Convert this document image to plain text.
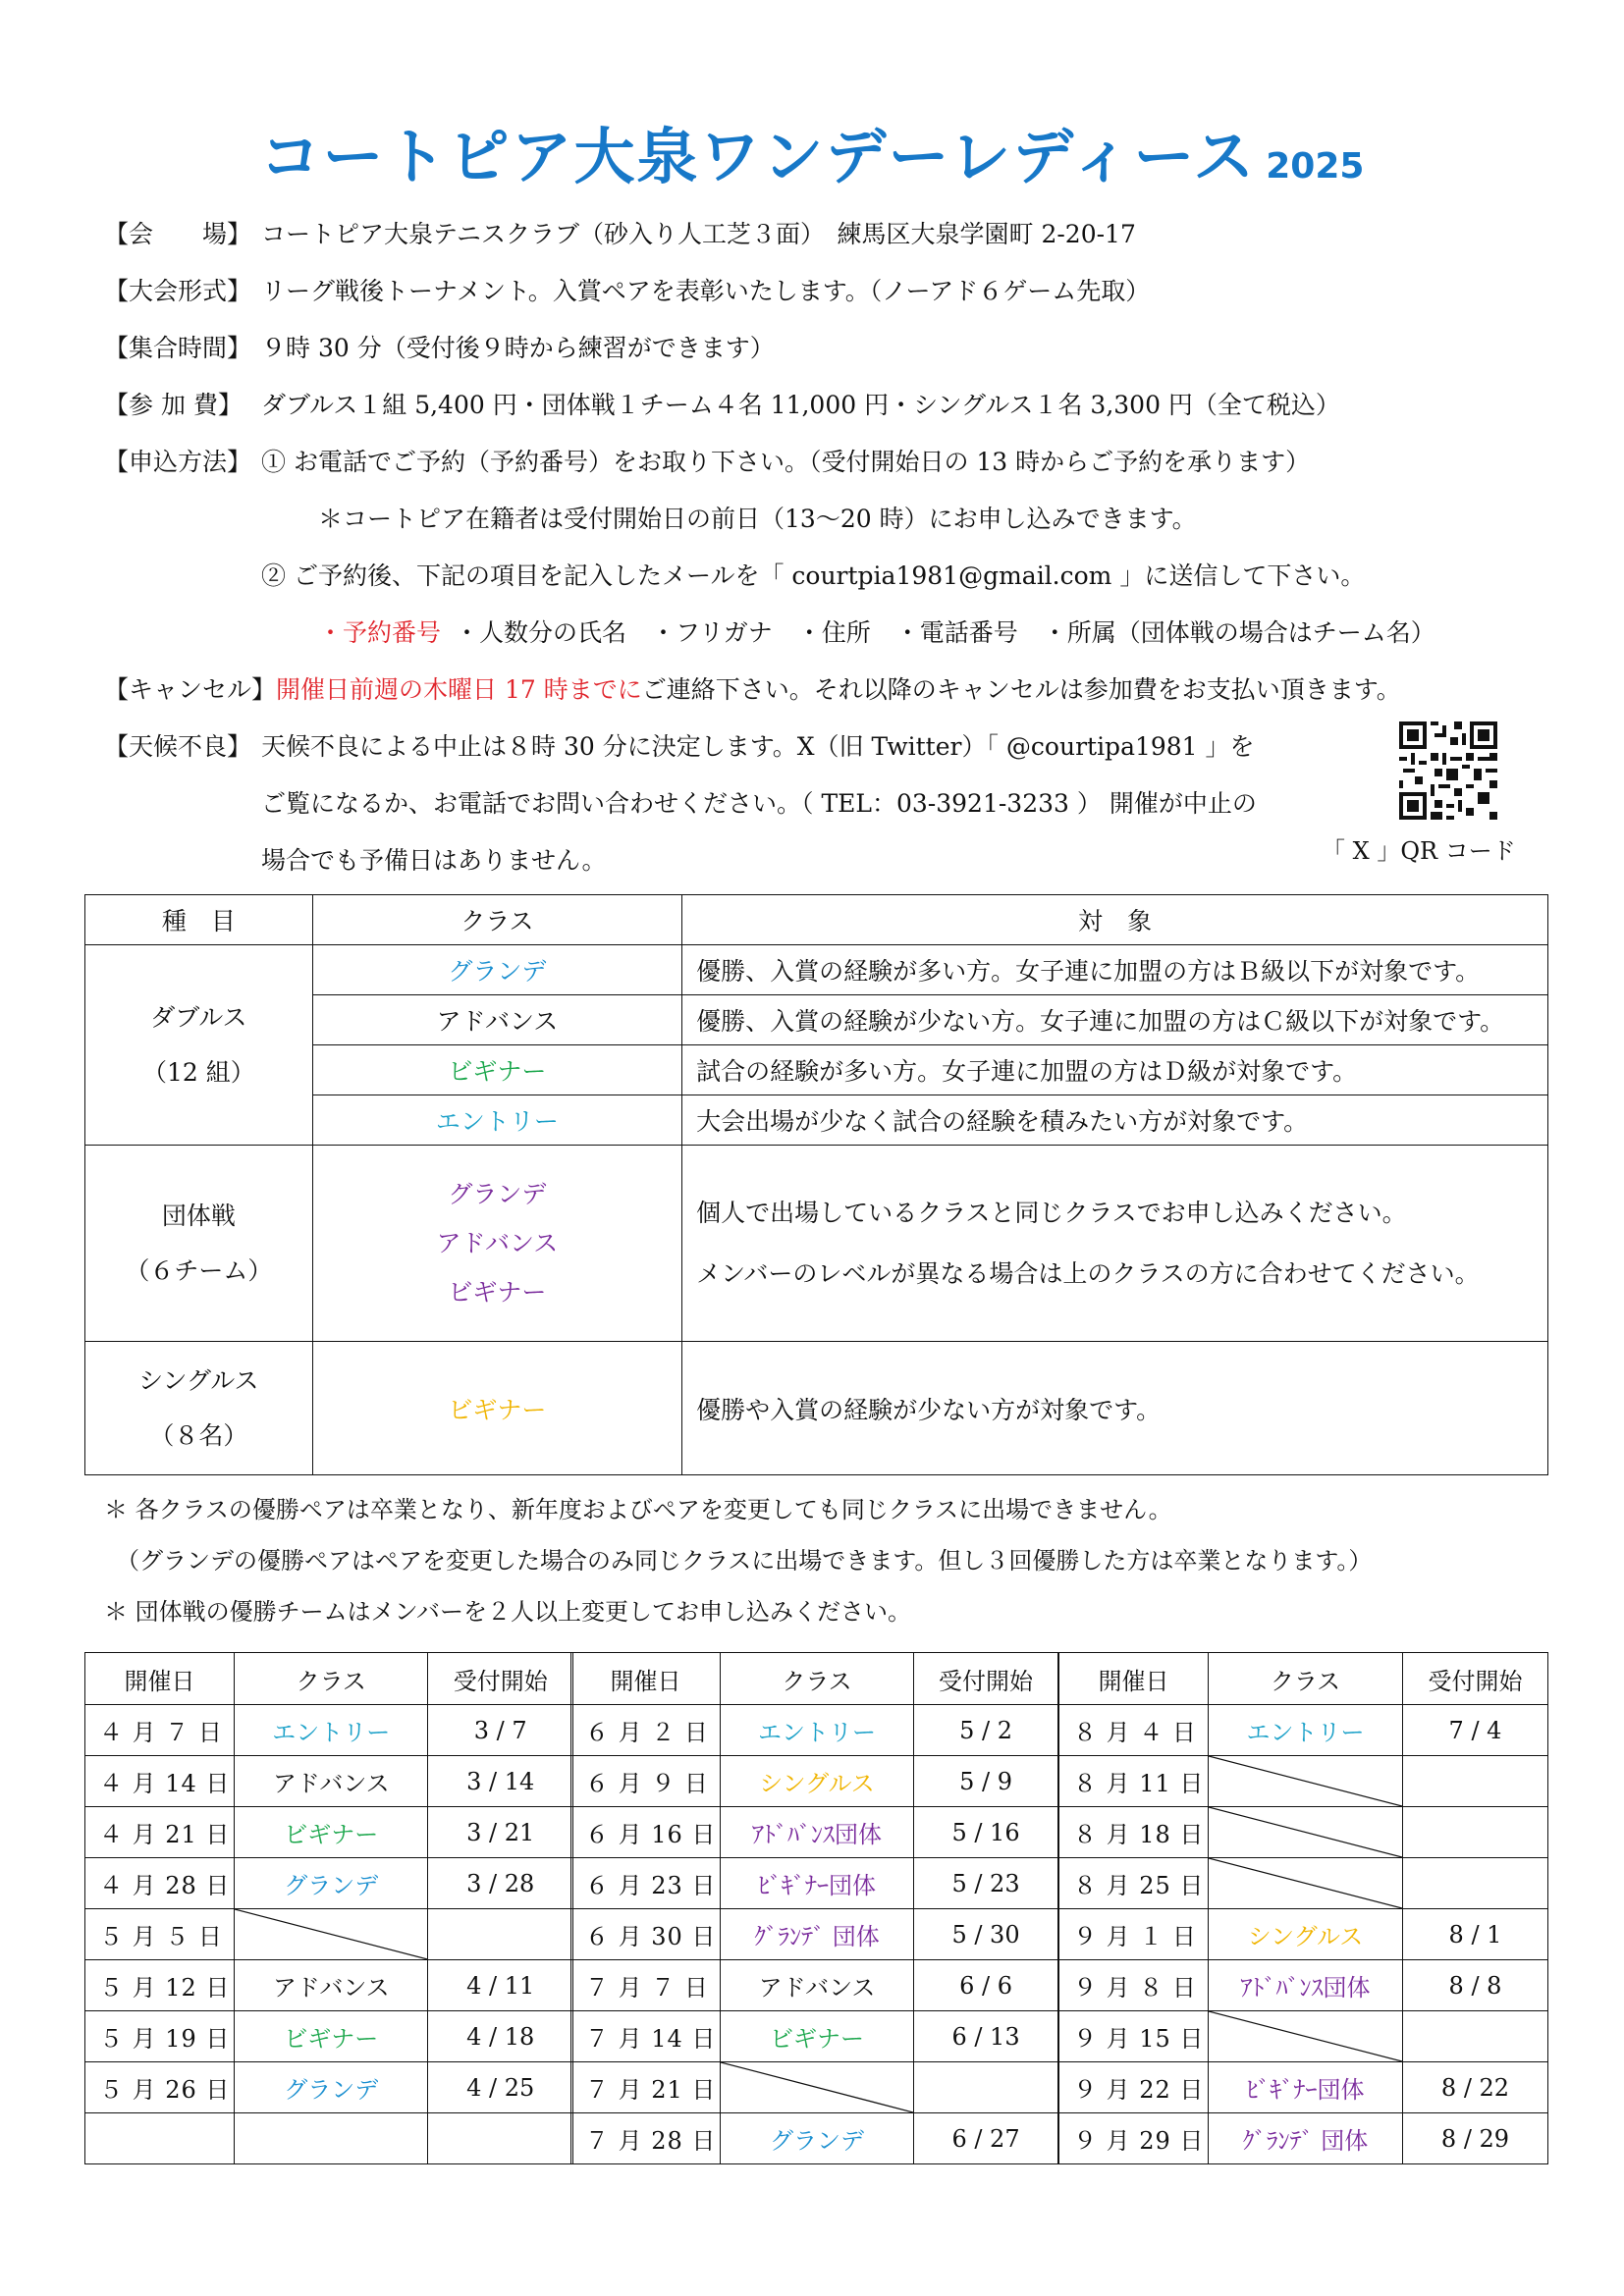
コートピア大泉ワンデーレディース 2025
【会　　場】 コートピア大泉テニスクラブ（砂入り人工芝３面）　練馬区大泉学園町 2-20-17
【大会形式】 リーグ戦後トーナメント。入賞ペアを表彰いたします。（ノーアド６ゲーム先取）
【集合時間】 ９時 30 分（受付後９時から練習ができます）
【参 加 費】 ダブルス１組 5,400 円・団体戦１チーム４名 11,000 円・シングルス１名 3,300 円（全て税込）
【申込方法】 ① お電話でご予約（予約番号）をお取り下さい。（受付開始日の 13 時からご予約を承ります）
＊コートピア在籍者は受付開始日の前日（13～20 時）にお申し込みできます。
② ご予約後、下記の項目を記入したメールを「 courtpia1981@gmail.com 」に送信して下さい。
・予約番号 ・人数分の氏名　・フリガナ　・住所　・電話番号　・所属（団体戦の場合はチーム名）
【キャンセル】 開催日前週の木曜日 17 時までに ご連絡下さい。それ以降のキャンセルは参加費をお支払い頂きます。
【天候不良】 天候不良による中止は８時 30 分に決定します。X（旧 Twitter）「 @courtipa1981 」を
ご覧になるか、お電話でお問い合わせください。（ TEL：03-3921-3233 ） 開催が中止の
場合でも予備日はありません。	「 X 」QR コード
種　目	クラス	対　象
ダブルス
（12 組）	グランデ	優勝、入賞の経験が多い方。女子連に加盟の方はＢ級以下が対象です。
	アドバンス	優勝、入賞の経験が少ない方。女子連に加盟の方はＣ級以下が対象です。
	ビギナー	試合の経験が多い方。女子連に加盟の方はＤ級が対象です。
	エントリー	大会出場が少なく試合の経験を積みたい方が対象です。
団体戦
（６チーム）	グランデ
アドバンス
ビギナー	個人で出場しているクラスと同じクラスでお申し込みください。
メンバーのレベルが異なる場合は上のクラスの方に合わせてください。
シングルス
（８名）	ビギナー	優勝や入賞の経験が少ない方が対象です。
＊ 各クラスの優勝ペアは卒業となり、新年度およびペアを変更しても同じクラスに出場できません。
　（グランデの優勝ペアはペアを変更した場合のみ同じクラスに出場できます。但し３回優勝した方は卒業となります。）
＊ 団体戦の優勝チームはメンバーを２人以上変更してお申し込みください。
開催日	クラス	受付開始
４ 月 ７ 日	エントリー	3 / 7
４ 月 14 日	アドバンス	3 / 14
４ 月 21 日	ビギナー	3 / 21
４ 月 28 日	グランデ	3 / 28
５ 月 ５ 日	

５ 月 12 日	アドバンス	4 / 11
５ 月 19 日	ビギナー	4 / 18
５ 月 26 日	グランデ	4 / 25

開催日	クラス	受付開始
６ 月 ２ 日	エントリー	5 / 2
６ 月 ９ 日	シングルス	5 / 9
６ 月 16 日	ｱﾄﾞﾊﾞﾝｽ団体	5 / 16
６ 月 23 日	ﾋﾞｷﾞﾅｰ団体	5 / 23
６ 月 30 日	ｸﾞﾗﾝﾃﾞ 団体	5 / 30
７ 月 ７ 日	アドバンス	6 / 6
７ 月 14 日	ビギナー	6 / 13
７ 月 21 日	

７ 月 28 日	グランデ	6 / 27
開催日	クラス	受付開始
８ 月 ４ 日	エントリー	7 / 4
８ 月 11 日	

８ 月 18 日	

８ 月 25 日	

９ 月 １ 日	シングルス	8 / 1
９ 月 ８ 日	ｱﾄﾞﾊﾞﾝｽ団体	8 / 8
９ 月 15 日	

９ 月 22 日	ﾋﾞｷﾞﾅｰ団体	8 / 22
９ 月 29 日	ｸﾞﾗﾝﾃﾞ 団体	8 / 29
